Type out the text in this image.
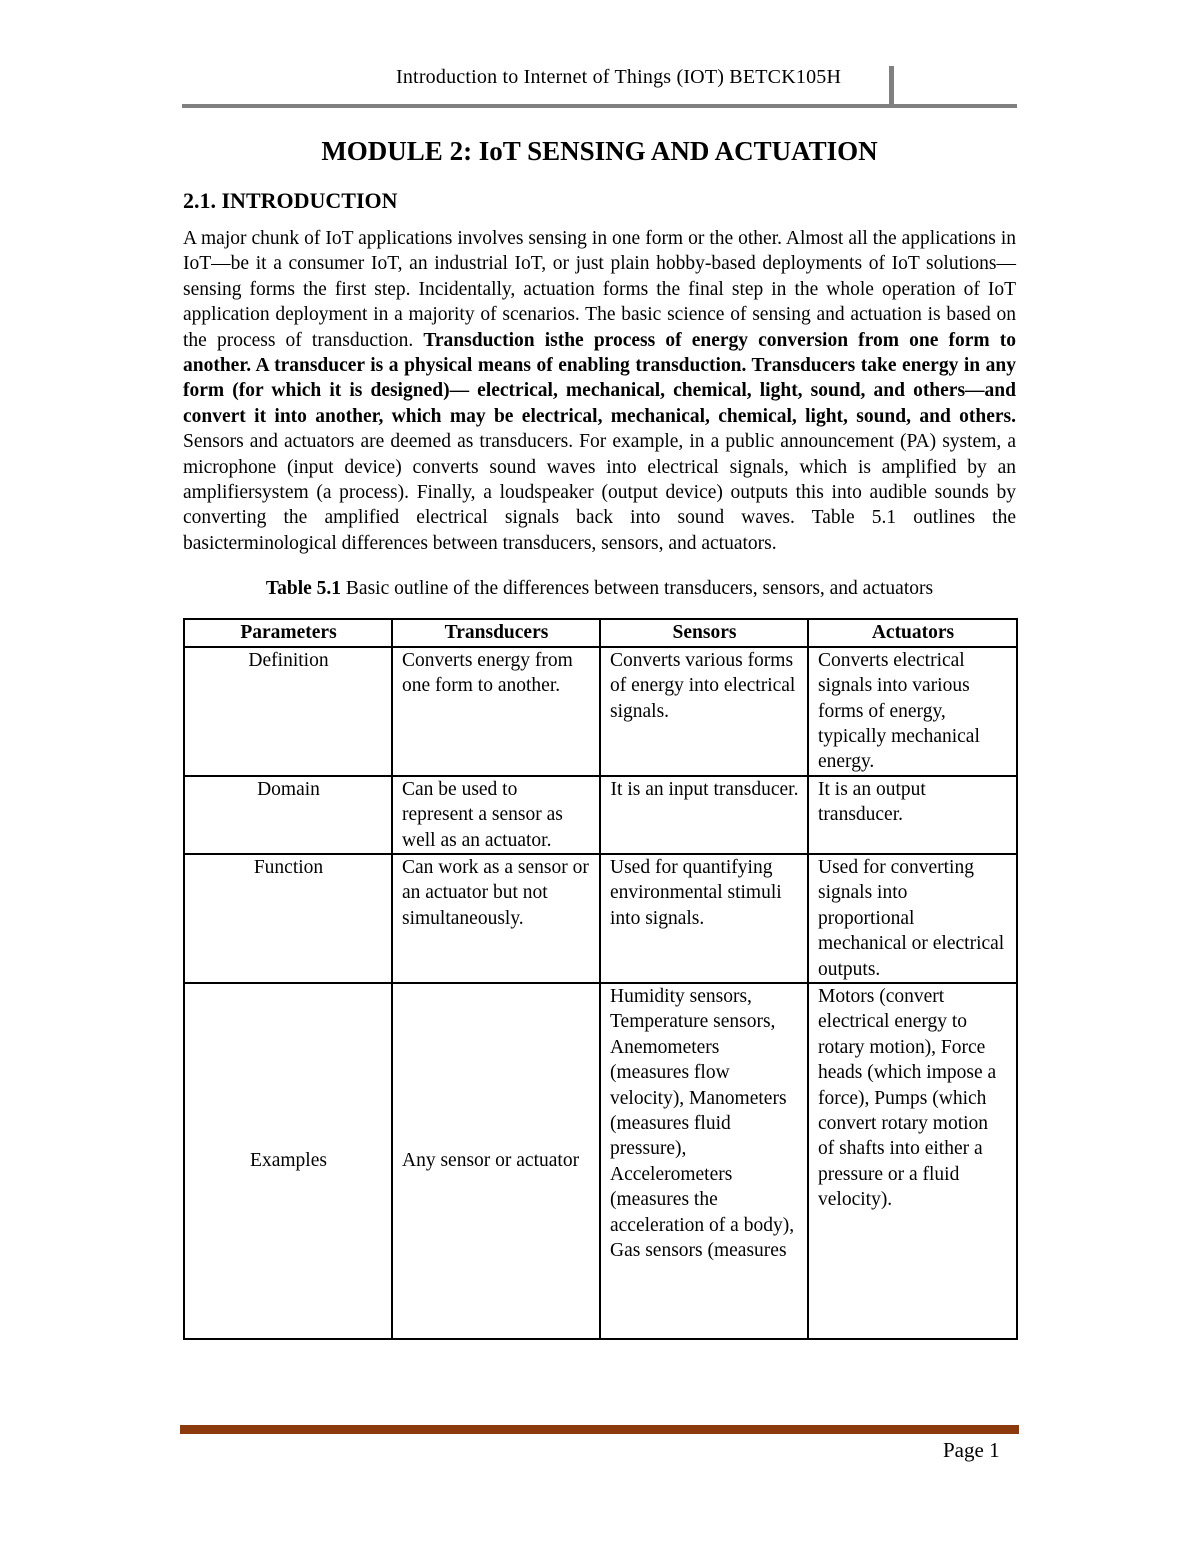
Introduction to Internet of Things (IOT) BETCK105H
MODULE 2: IoT SENSING AND ACTUATION
2.1. INTRODUCTION

A major chunk of IoT applications involves sensing in one form or the other. Almost all the applications in IoT—be it a consumer IoT, an industrial IoT, or just plain hobby-based deployments of IoT solutions—sensing forms the first step. Incidentally, actuation forms the final step in the whole operation of IoT application deployment in a majority of scenarios. The basic science of sensing and actuation is based on the process of transduction. Transduction isthe process of energy conversion from one form to another. A transducer is a physical means of enabling transduction. Transducers take energy in any form (for which it is designed)— electrical, mechanical, chemical, light, sound, and others—and convert it into another, which may be electrical, mechanical, chemical, light, sound, and others. Sensors and actuators are deemed as transducers. For example, in a public announcement (PA) system, a microphone (input device) converts sound waves into electrical signals, which is amplified by an amplifiersystem (a process). Finally, a loudspeaker (output device) outputs this into audible sounds by converting the amplified electrical signals back into sound waves. Table 5.1 outlines the basicterminological differences between transducers, sensors, and actuators.

Table 5.1 Basic outline of the differences between transducers, sensors, and actuators
Parameters	Transducers	Sensors	Actuators
Definition	Converts energy from one form to another.	Converts various forms of energy into electrical signals.	Converts electrical signals into various forms of energy, typically mechanical energy.
Domain	Can be used to represent a sensor as well as an actuator.	It is an input transducer.	It is an output transducer.
Function	Can work as a sensor or an actuator but not simultaneously.	Used for quantifying environmental stimuli into signals.	Used for converting signals into proportional mechanical or electrical outputs.
Examples	Any sensor or actuator	Humidity sensors, Temperature sensors, Anemometers (measures flow velocity), Manometers (measures fluid pressure), Accelerometers (measures the acceleration of a body), Gas sensors (measures	Motors (convert electrical energy to rotary motion), Force heads (which impose a force), Pumps (which convert rotary motion of shafts into either a pressure or a fluid velocity).
Page 1
